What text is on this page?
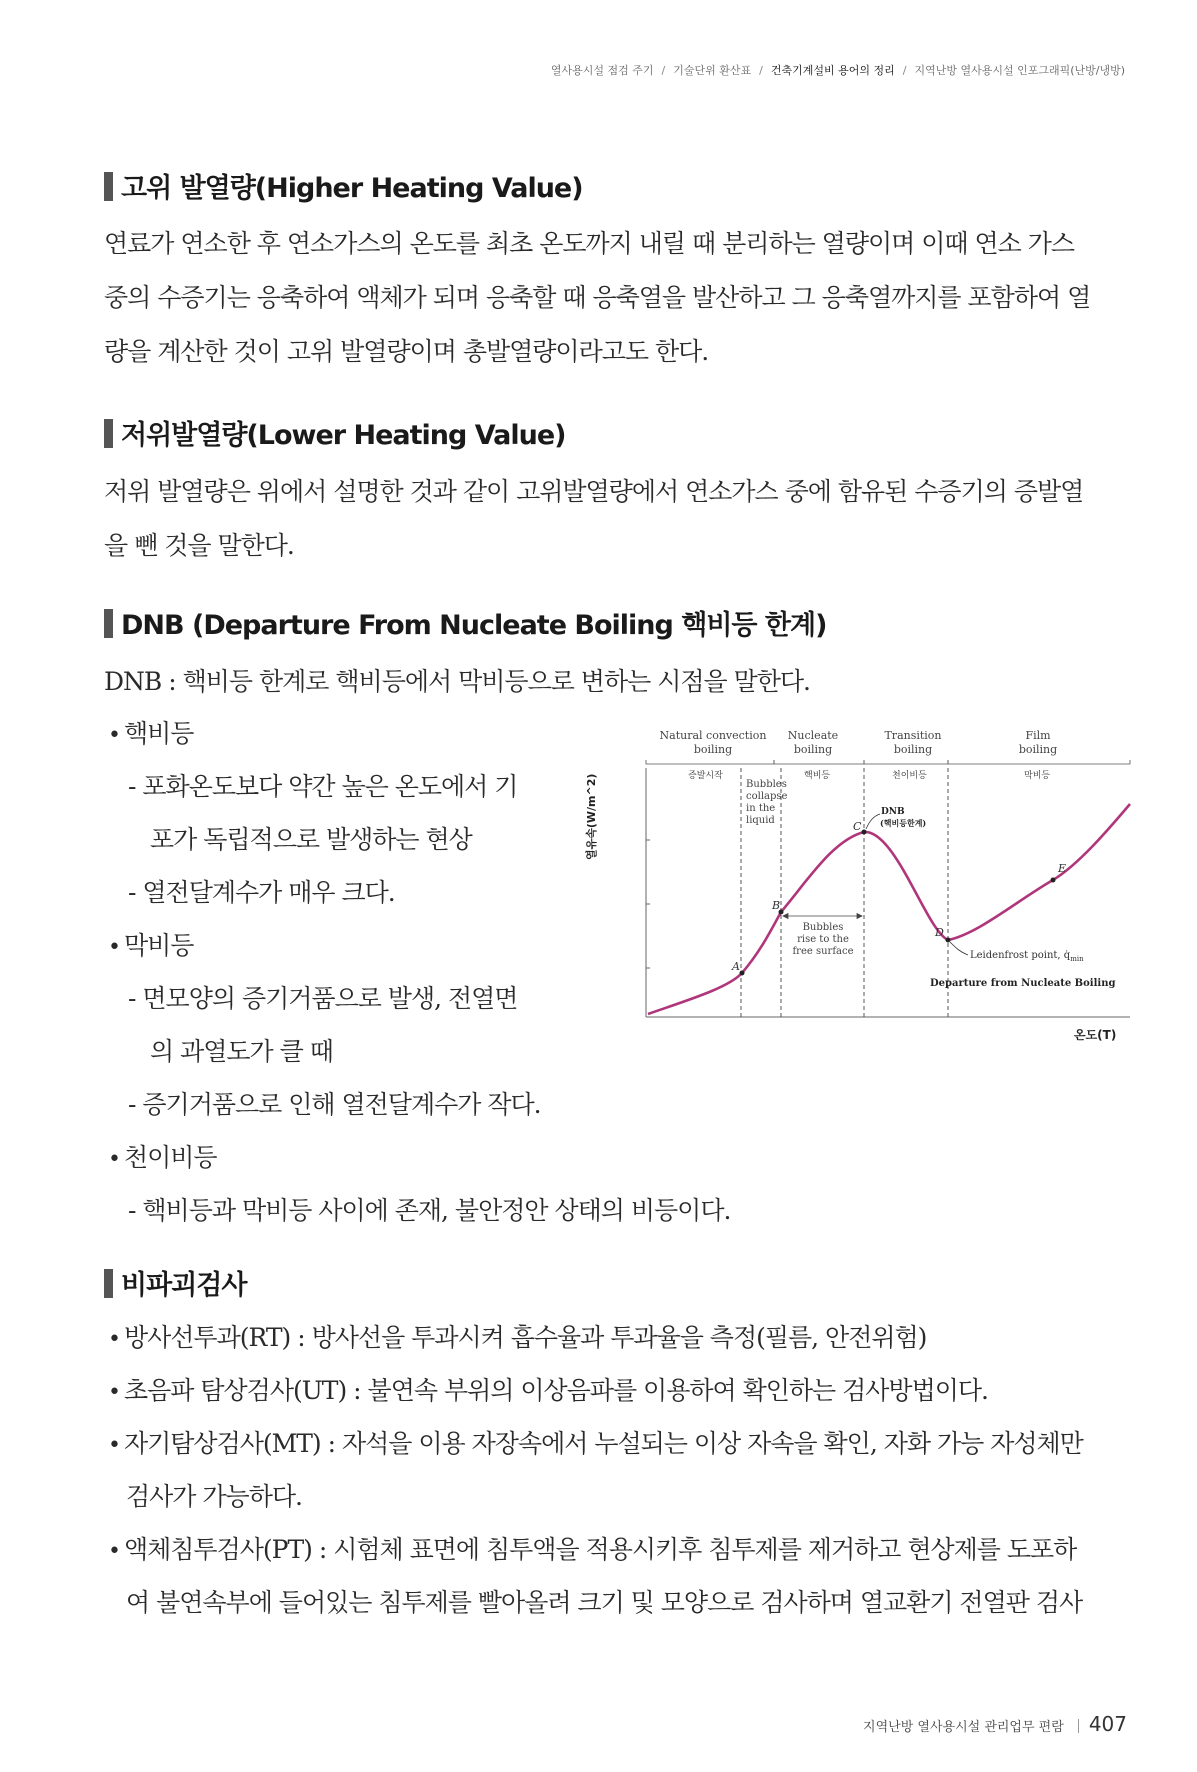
열사용시설 점검 주기 / 기술단위 환산표 / 건축기계설비 용어의 정리 / 지역난방 열사용시설 인포그래픽(난방/냉방)
고위 발열량(Higher Heating Value)
연료가 연소한 후 연소가스의 온도를 최초 온도까지 내릴 때 분리하는 열량이며 이때 연소 가스
중의 수증기는 응축하여 액체가 되며 응축할 때 응축열을 발산하고 그 응축열까지를 포함하여 열
량을 계산한 것이 고위 발열량이며 총발열량이라고도 한다.
저위발열량(Lower Heating Value)
저위 발열량은 위에서 설명한 것과 같이 고위발열량에서 연소가스 중에 함유된 수증기의 증발열
을 뺀 것을 말한다.
DNB (Departure From Nucleate Boiling 핵비등 한계)
DNB : 핵비등 한계로 핵비등에서 막비등으로 변하는 시점을 말한다.
• 핵비등
- 포화온도보다 약간 높은 온도에서 기
포가 독립적으로 발생하는 현상
- 열전달계수가 매우 크다.
• 막비등
- 면모양의 증기거품으로 발생, 전열면
의 과열도가 클 때
- 증기거품으로 인해 열전달계수가 작다.
• 천이비등
- 핵비등과 막비등 사이에 존재, 불안정안 상태의 비등이다.
Natural convection
boiling
Nucleate
boiling
Transition
boiling
Film
boiling
증발시작	핵비등	천이비등	막비등
A
B
C
D
E
Bubbles
collapse
in the
liquid
DNB
(핵비등한계)
Bubbles
rise to the
free surface	Leidenfrost point, $q̇_{min}$
Departure from Nucleate Boiling
열유속(W/m^2)
온도(T)
비파괴검사
• 방사선투과(RT) : 방사선을 투과시켜 흡수율과 투과율을 측정(필름, 안전위험)
• 초음파 탐상검사(UT) : 불연속 부위의 이상음파를 이용하여 확인하는 검사방법이다.
• 자기탐상검사(MT) : 자석을 이용 자장속에서 누설되는 이상 자속을 확인, 자화 가능 자성체만
검사가 가능하다.
• 액체침투검사(PT) : 시험체 표면에 침투액을 적용시키후 침투제를 제거하고 현상제를 도포하
여 불연속부에 들어있는 침투제를 빨아올려 크기 및 모양으로 검사하며 열교환기 전열판 검사
지역난방 열사용시설 관리업무 편람 407
